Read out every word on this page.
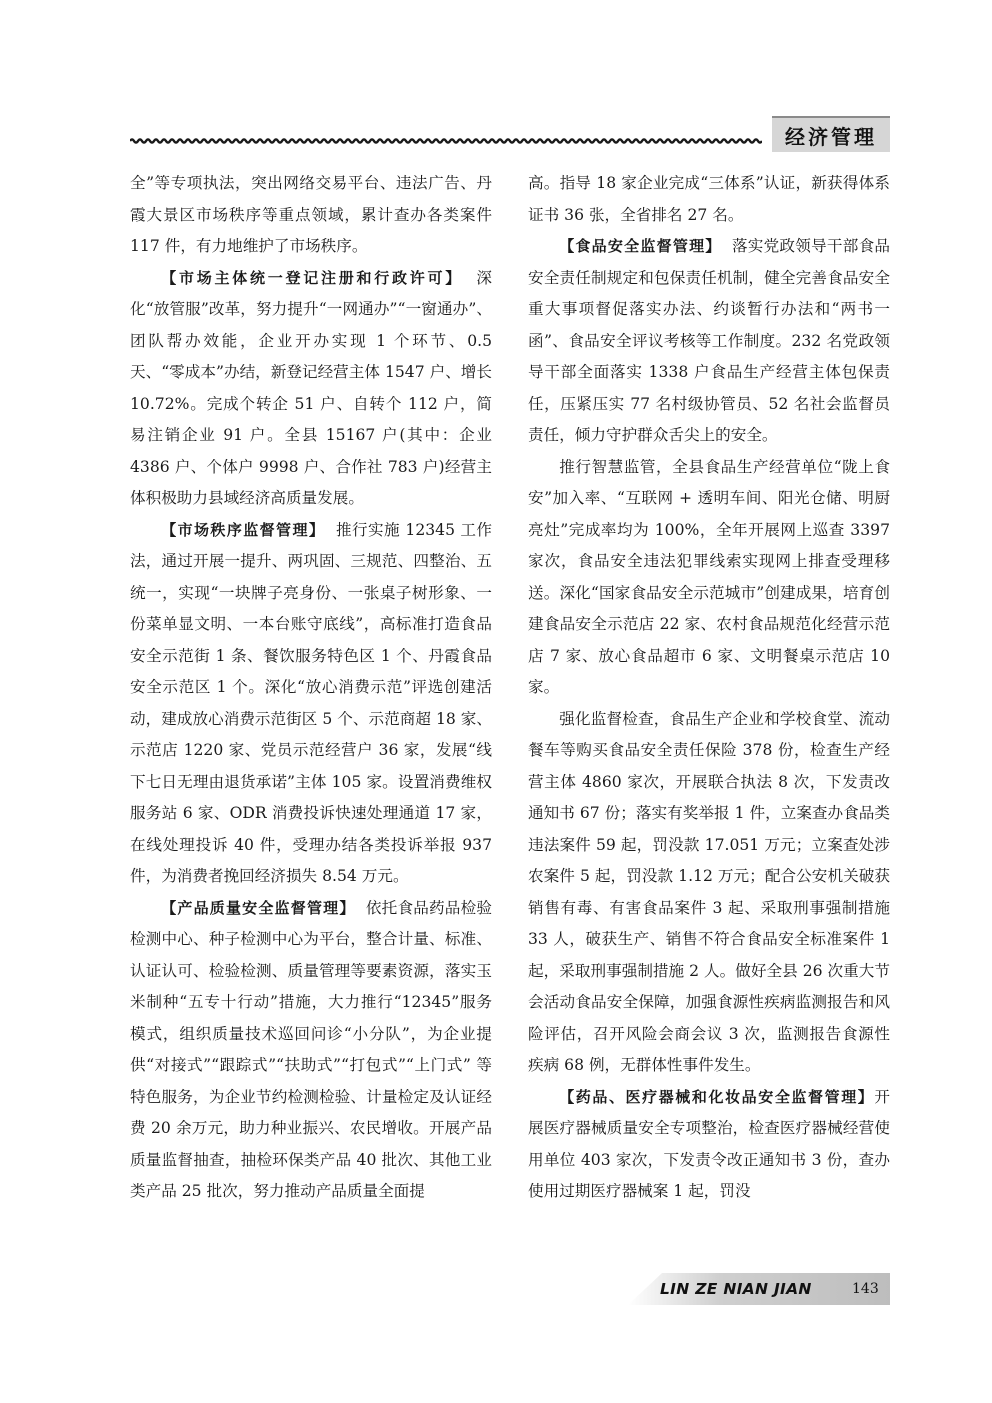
经济管理

全”等专项执法，突出网络交易平台、违法广告、丹霞大景区市场秩序等重点领域，累计查办各类案件 117 件，有力地维护了市场秩序。

【市场主体统一登记注册和行政许可】 深化“放管服”改革，努力提升“一网通办”“一窗通办”、团队帮办效能，企业开办实现 1 个环节、0.5 天、“零成本”办结，新登记经营主体 1547 户、增长 10.72%。完成个转企 51 户、自转个 112 户，简易注销企业 91 户。全县 15167 户(其中：企业 4386 户、个体户 9998 户、合作社 783 户)经营主体积极助力县域经济高质量发展。

【市场秩序监督管理】 推行实施 12345 工作法，通过开展一提升、两巩固、三规范、四整治、五统一，实现“一块牌子亮身份、一张桌子树形象、一份菜单显文明、一本台账守底线”，高标准打造食品安全示范街 1 条、餐饮服务特色区 1 个、丹霞食品安全示范区 1 个。深化“放心消费示范”评选创建活动，建成放心消费示范街区 5 个、示范商超 18 家、示范店 1220 家、党员示范经营户 36 家，发展“线下七日无理由退货承诺”主体 105 家。设置消费维权服务站 6 家、ODR 消费投诉快速处理通道 17 家，在线处理投诉 40 件，受理办结各类投诉举报 937 件，为消费者挽回经济损失 8.54 万元。

【产品质量安全监督管理】 依托食品药品检验检测中心、种子检测中心为平台，整合计量、标准、认证认可、检验检测、质量管理等要素资源，落实玉米制种“五专十行动”措施，大力推行“12345”服务模式，组织质量技术巡回问诊“小分队”，为企业提供“对接式”“跟踪式”“扶助式”“打包式”“上门式” 等特色服务，为企业节约检测检验、计量检定及认证经费 20 余万元，助力种业振兴、农民增收。开展产品质量监督抽查，抽检环保类产品 40 批次、其他工业类产品 25 批次，努力推动产品质量全面提

高。指导 18 家企业完成“三体系”认证，新获得体系证书 36 张，全省排名 27 名。

【食品安全监督管理】 落实党政领导干部食品安全责任制规定和包保责任机制，健全完善食品安全重大事项督促落实办法、约谈暂行办法和“两书一函”、食品安全评议考核等工作制度。232 名党政领导干部全面落实 1338 户食品生产经营主体包保责任，压紧压实 77 名村级协管员、52 名社会监督员责任，倾力守护群众舌尖上的安全。

推行智慧监管，全县食品生产经营单位“陇上食安”加入率、“互联网 + 透明车间、阳光仓储、明厨亮灶”完成率均为 100%，全年开展网上巡查 3397 家次，食品安全违法犯罪线索实现网上排查受理移送。深化“国家食品安全示范城市”创建成果，培育创建食品安全示范店 22 家、农村食品规范化经营示范店 7 家、放心食品超市 6 家、文明餐桌示范店 10 家。

强化监督检查，食品生产企业和学校食堂、流动餐车等购买食品安全责任保险 378 份，检查生产经营主体 4860 家次，开展联合执法 8 次，下发责改通知书 67 份；落实有奖举报 1 件，立案查办食品类违法案件 59 起，罚没款 17.051 万元；立案查处涉农案件 5 起，罚没款 1.12 万元；配合公安机关破获销售有毒、有害食品案件 3 起、采取刑事强制措施 33 人，破获生产、销售不符合食品安全标准案件 1 起，采取刑事强制措施 2 人。做好全县 26 次重大节会活动食品安全保障，加强食源性疾病监测报告和风险评估，召开风险会商会议 3 次，监测报告食源性疾病 68 例，无群体性事件发生。

【药品、医疗器械和化妆品安全监督管理】开展医疗器械质量安全专项整治，检查医疗器械经营使用单位 403 家次，下发责令改正通知书 3 份，查办使用过期医疗器械案 1 起，罚没

LIN ZE NIAN JIAN	143
